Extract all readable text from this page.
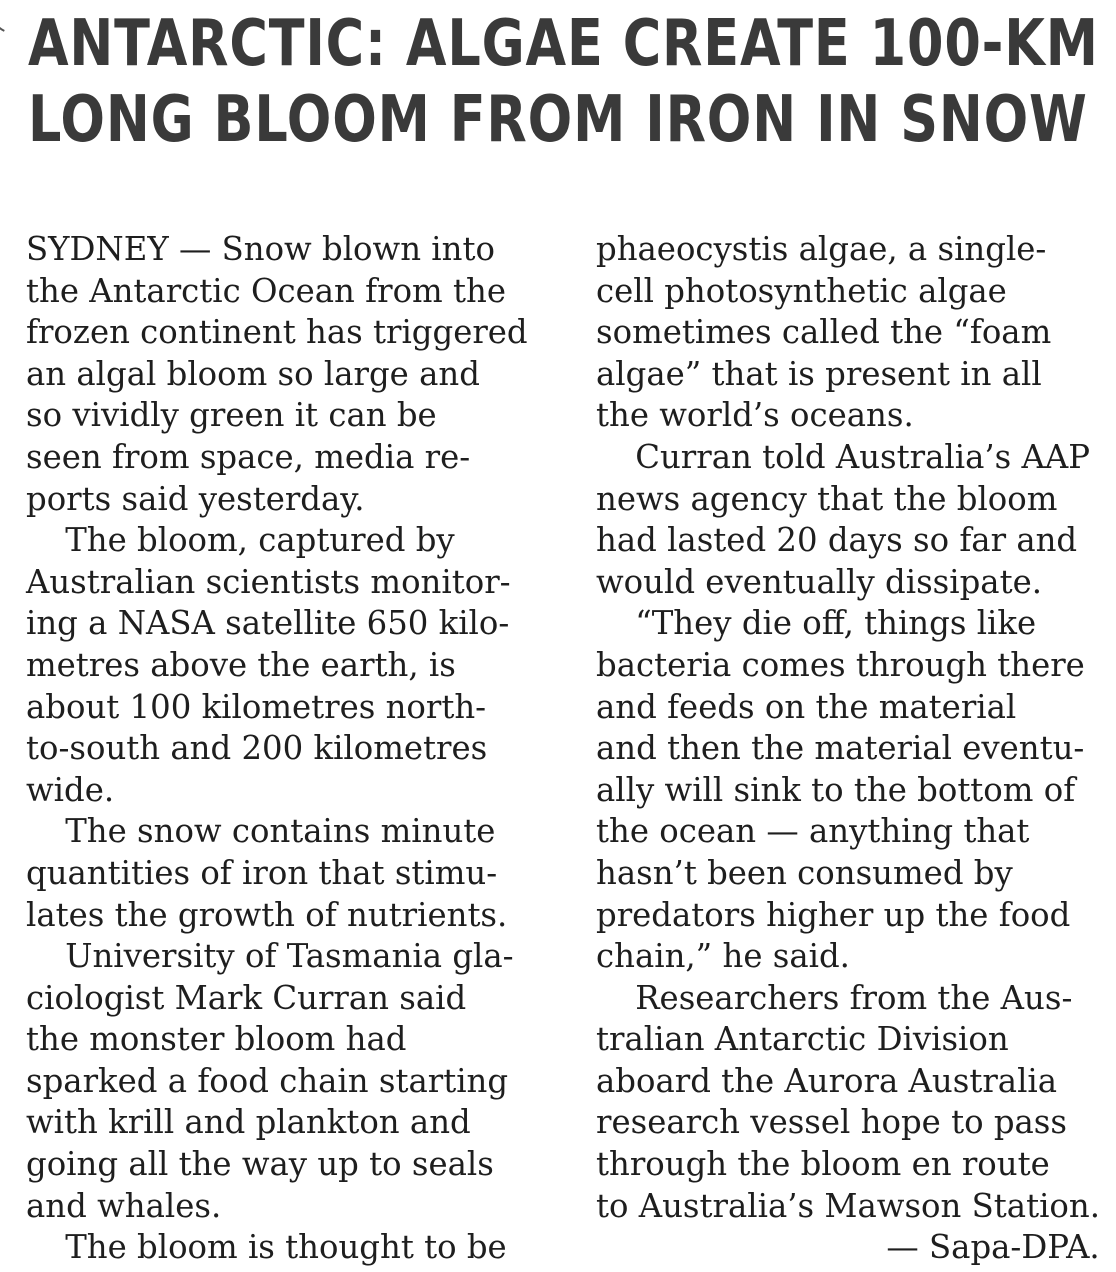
ANTARCTIC: ALGAE CREATE 100-KM
LONG BLOOM FROM IRON IN SNOW

SYDNEY — Snow blown into
the Antarctic Ocean from the
frozen continent has triggered
an algal bloom so large and
so vividly green it can be
seen from space, media re-
ports said yesterday.

The bloom, captured by
Australian scientists monitor-
ing a NASA satellite 650 kilo-
metres above the earth, is
about 100 kilometres north-
to-south and 200 kilometres
wide.

The snow contains minute
quantities of iron that stimu-
lates the growth of nutrients.

University of Tasmania gla-
ciologist Mark Curran said
the monster bloom had
sparked a food chain starting
with krill and plankton and
going all the way up to seals
and whales.

The bloom is thought to be

phaeocystis algae, a single-
cell photosynthetic algae
sometimes called the “foam
algae” that is present in all
the world’s oceans.

Curran told Australia’s AAP
news agency that the bloom
had lasted 20 days so far and
would eventually dissipate.

“They die off, things like
bacteria comes through there
and feeds on the material
and then the material eventu-
ally will sink to the bottom of
the ocean — anything that
hasn’t been consumed by
predators higher up the food
chain,” he said.

Researchers from the Aus-
tralian Antarctic Division
aboard the Aurora Australia
research vessel hope to pass
through the bloom en route
to Australia’s Mawson Station.

— Sapa-DPA.
